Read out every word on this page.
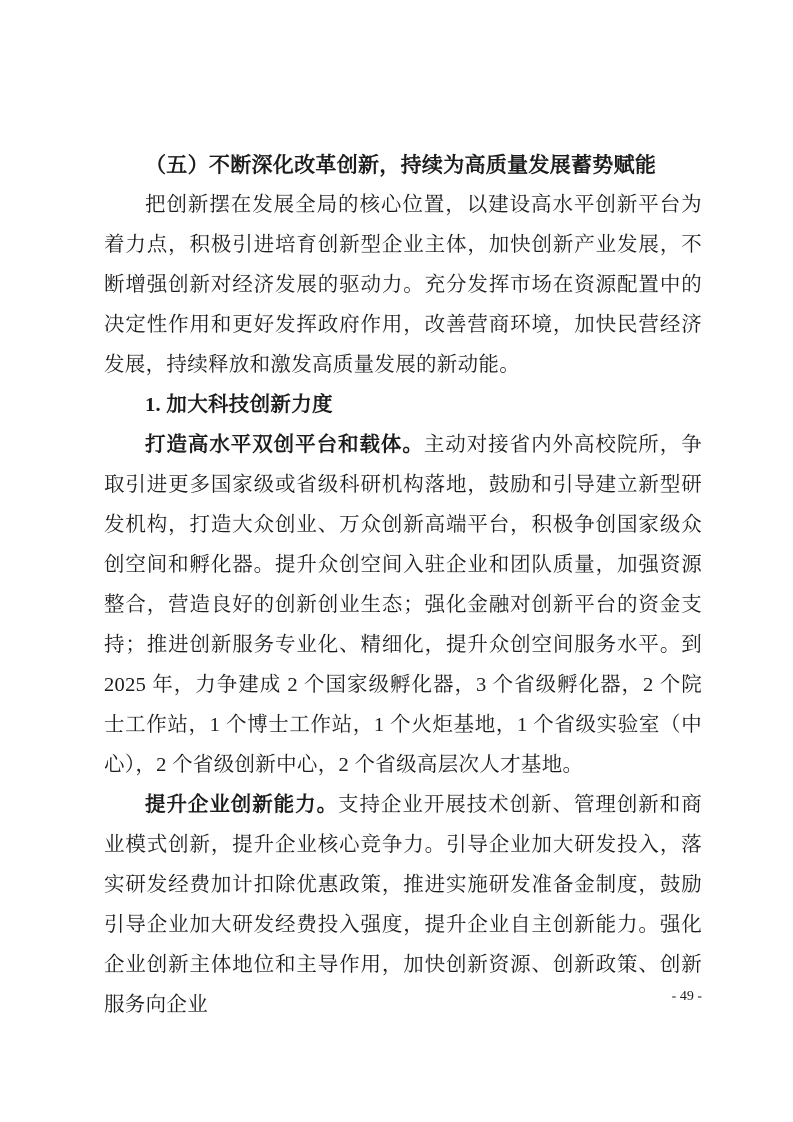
（五）不断深化改革创新，持续为高质量发展蓄势赋能

把创新摆在发展全局的核心位置，以建设高水平创新平台为着力点，积极引进培育创新型企业主体，加快创新产业发展，不断增强创新对经济发展的驱动力。充分发挥市场在资源配置中的决定性作用和更好发挥政府作用，改善营商环境，加快民营经济发展，持续释放和激发高质量发展的新动能。

1. 加大科技创新力度

打造高水平双创平台和载体。主动对接省内外高校院所，争取引进更多国家级或省级科研机构落地，鼓励和引导建立新型研发机构，打造大众创业、万众创新高端平台，积极争创国家级众创空间和孵化器。提升众创空间入驻企业和团队质量，加强资源整合，营造良好的创新创业生态；强化金融对创新平台的资金支持；推进创新服务专业化、精细化，提升众创空间服务水平。到 2025 年，力争建成 2 个国家级孵化器，3 个省级孵化器，2 个院士工作站，1 个博士工作站，1 个火炬基地，1 个省级实验室（中心），2 个省级创新中心，2 个省级高层次人才基地。

提升企业创新能力。支持企业开展技术创新、管理创新和商业模式创新，提升企业核心竞争力。引导企业加大研发投入，落实研发经费加计扣除优惠政策，推进实施研发准备金制度，鼓励引导企业加大研发经费投入强度，提升企业自主创新能力。强化企业创新主体地位和主导作用，加快创新资源、创新政策、创新服务向企业	- 49 -
